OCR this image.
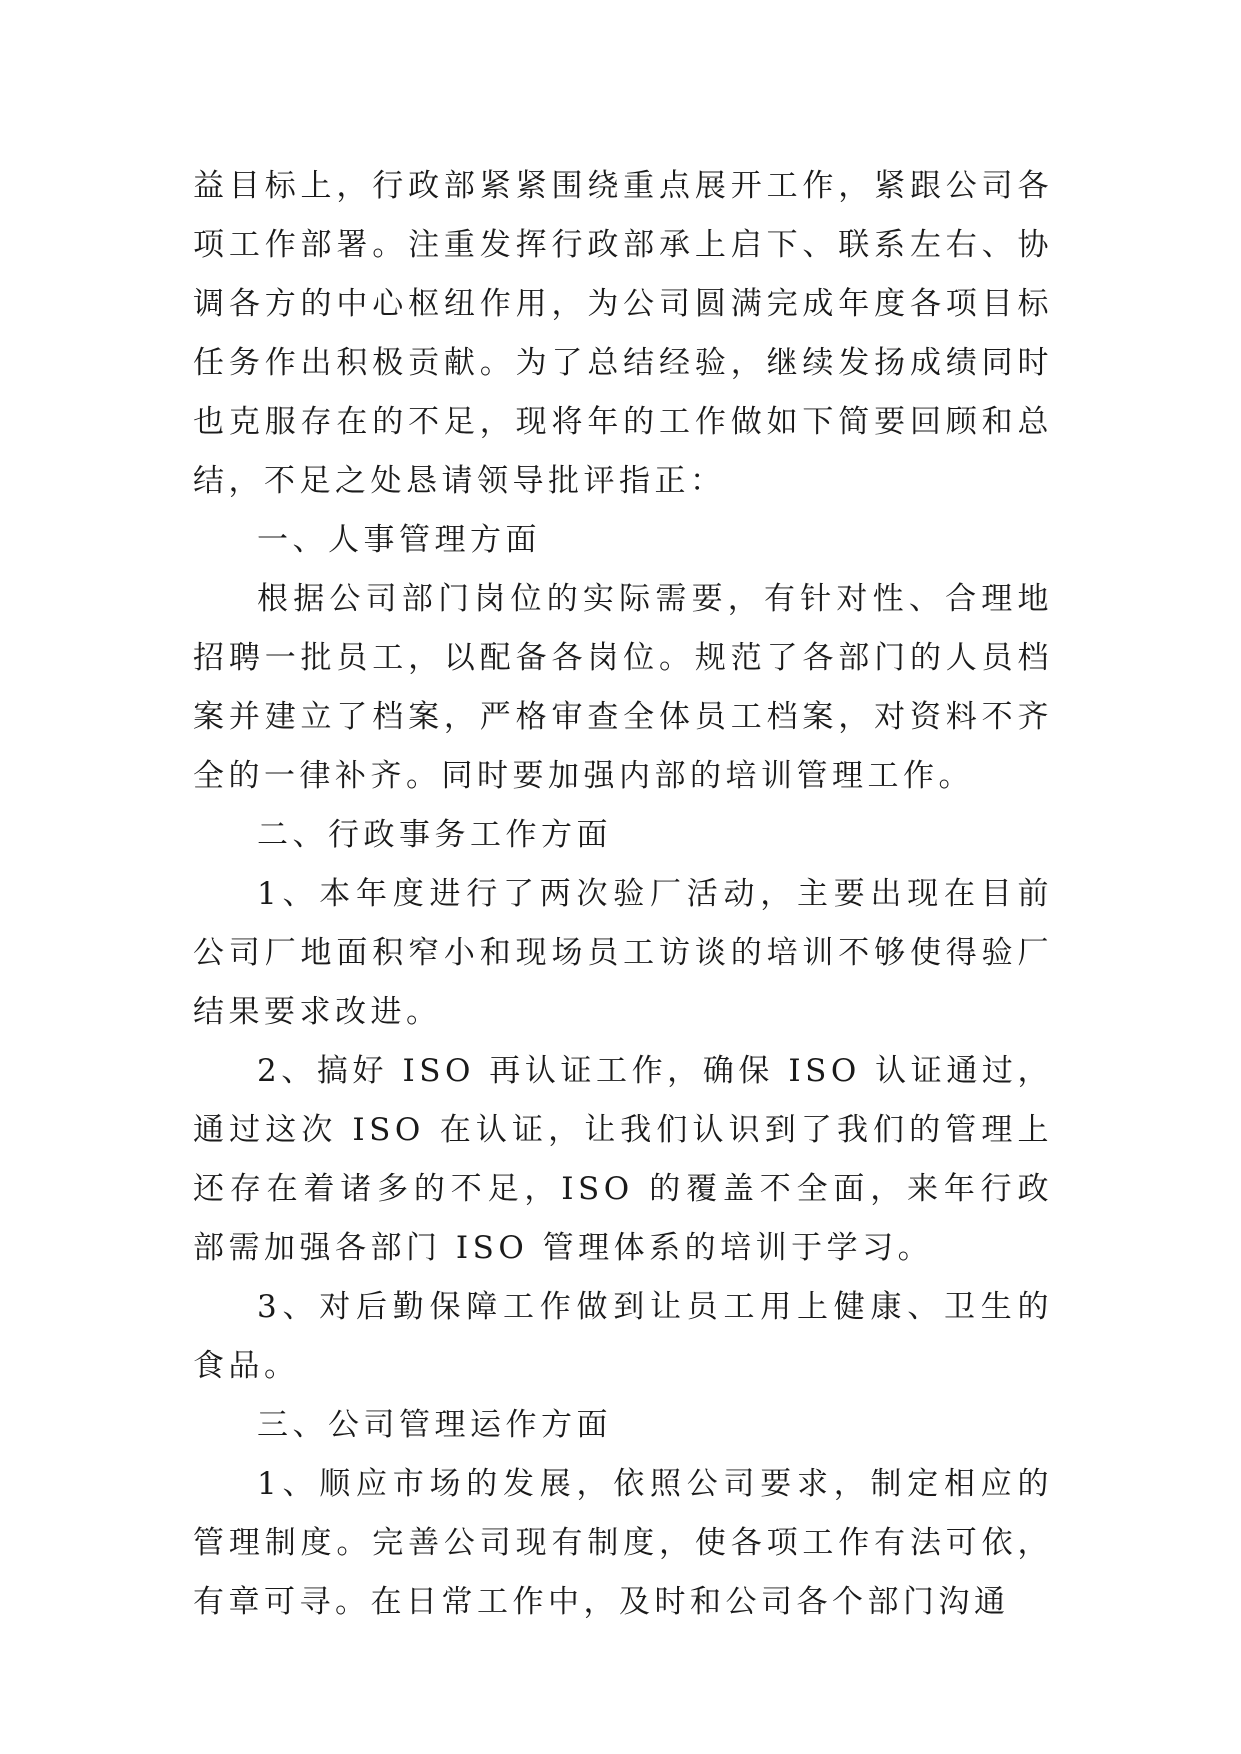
益目标上，行政部紧紧围绕重点展开工作，紧跟公司各项工作部署。注重发挥行政部承上启下、联系左右、协调各方的中心枢纽作用，为公司圆满完成年度各项目标任务作出积极贡献。为了总结经验，继续发扬成绩同时也克服存在的不足，现将年的工作做如下简要回顾和总结，不足之处恳请领导批评指正：

一、人事管理方面

根据公司部门岗位的实际需要，有针对性、合理地招聘一批员工，以配备各岗位。规范了各部门的人员档案并建立了档案，严格审查全体员工档案，对资料不齐全的一律补齐。同时要加强内部的培训管理工作。

二、行政事务工作方面

1、本年度进行了两次验厂活动，主要出现在目前公司厂地面积窄小和现场员工访谈的培训不够使得验厂结果要求改进。

2、搞好 ISO 再认证工作，确保 ISO 认证通过，通过这次 ISO 在认证，让我们认识到了我们的管理上还存在着诸多的不足，ISO 的覆盖不全面，来年行政部需加强各部门 ISO 管理体系的培训于学习。

3、对后勤保障工作做到让员工用上健康、卫生的食品。

三、公司管理运作方面

1、顺应市场的发展，依照公司要求，制定相应的管理制度。完善公司现有制度，使各项工作有法可依，有章可寻。在日常工作中，及时和公司各个部门沟通
